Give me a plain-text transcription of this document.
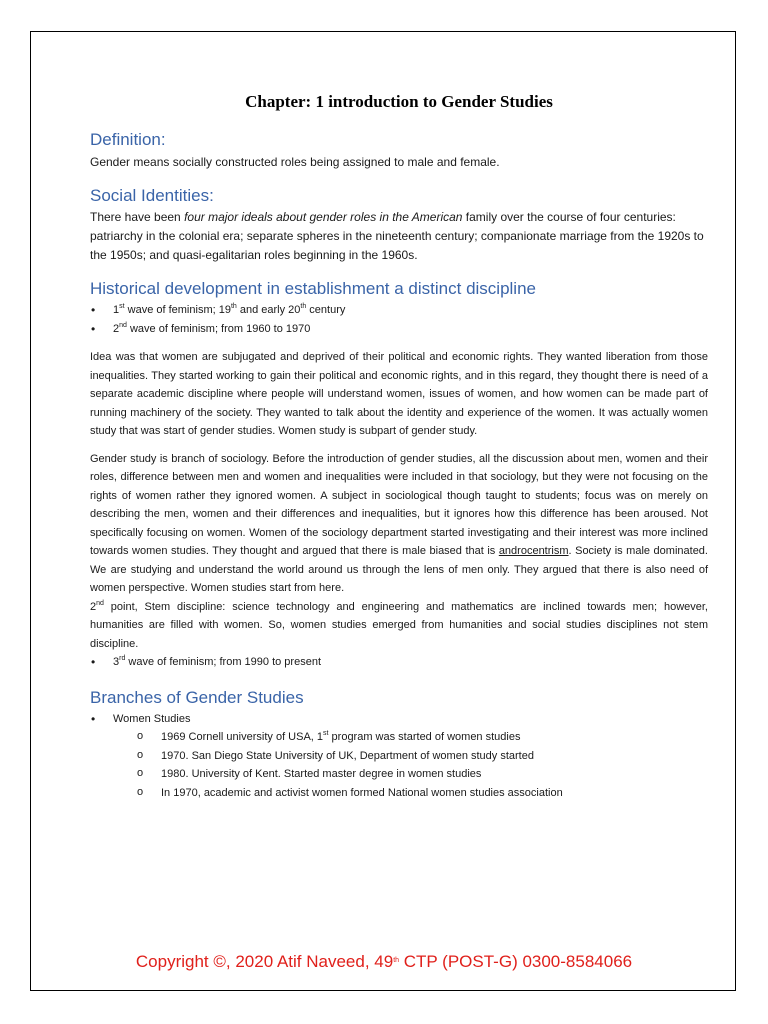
Chapter: 1 introduction to Gender Studies
Definition:

Gender means socially constructed roles being assigned to male and female.

Social Identities:

There have been four major ideals about gender roles in the American family over the course of four centuries: patriarchy in the colonial era; separate spheres in the nineteenth century; companionate marriage from the 1920s to the 1950s; and quasi-egalitarian roles beginning in the 1960s.

Historical development in establishment a distinct discipline
• 1st wave of feminism; 19th and early 20th century
• 2nd wave of feminism; from 1960 to 1970

Idea was that women are subjugated and deprived of their political and economic rights. They wanted liberation from those inequalities. They started working to gain their political and economic rights, and in this regard, they thought there is need of a separate academic discipline where people will understand women, issues of women, and how women can be made part of running machinery of the society. They wanted to talk about the identity and experience of the women. It was actually women study that was start of gender studies. Women study is subpart of gender study.

Gender study is branch of sociology. Before the introduction of gender studies, all the discussion about men, women and their roles, difference between men and women and inequalities were included in that sociology, but they were not focusing on the rights of women rather they ignored women. A subject in sociological though taught to students; focus was on merely on describing the men, women and their differences and inequalities, but it ignores how this difference has been aroused. Not specifically focusing on women. Women of the sociology department started investigating and their interest was more inclined towards women studies. They thought and argued that there is male biased that is androcentrism. Society is male dominated. We are studying and understand the world around us through the lens of men only. They argued that there is also need of women perspective. Women studies start from here.

2nd point, Stem discipline: science technology and engineering and mathematics are inclined towards men; however, humanities are filled with women. So, women studies emerged from humanities and social studies disciplines not stem discipline.

• 3rd wave of feminism; from 1990 to present
Branches of Gender Studies
• Women Studies
o 1969 Cornell university of USA, 1st program was started of women studies
o 1970. San Diego State University of UK, Department of women study started
o 1980. University of Kent. Started master degree in women studies
o In 1970, academic and activist women formed National women studies association

Copyright ©, 2020 Atif Naveed, 49th CTP (POST-G) 0300-8584066
